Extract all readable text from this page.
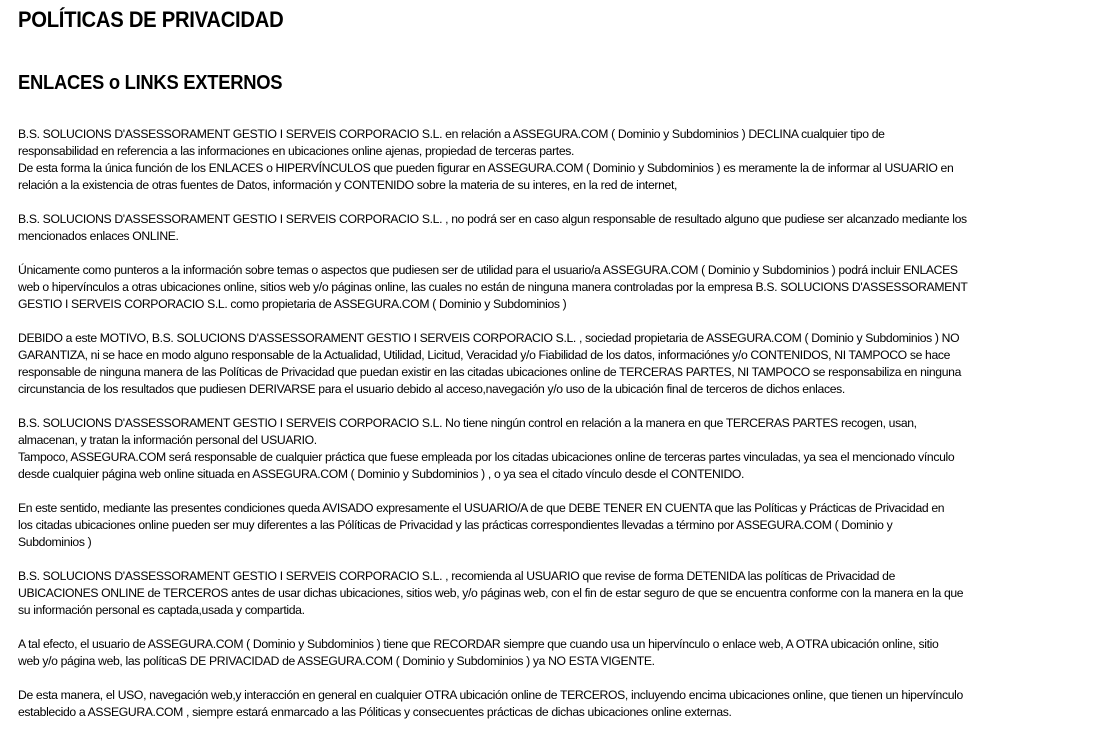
POLÍTICAS DE PRIVACIDAD
ENLACES o LINKS EXTERNOS

B.S. SOLUCIONS D'ASSESSORAMENT GESTIO I SERVEIS CORPORACIO S.L. en relación a ASSEGURA.COM ( Dominio y Subdominios ) DECLINA cualquier tipo de
responsabilidad en referencia a las informaciones en ubicaciones online ajenas, propiedad de terceras partes.
De esta forma la única función de los ENLACES o HIPERVÍNCULOS que pueden figurar en ASSEGURA.COM ( Dominio y Subdominios ) es meramente la de informar al USUARIO en
relación a la existencia de otras fuentes de Datos, información y CONTENIDO sobre la materia de su interes, en la red de internet,

B.S. SOLUCIONS D'ASSESSORAMENT GESTIO I SERVEIS CORPORACIO S.L. , no podrá ser en caso algun responsable de resultado alguno que pudiese ser alcanzado mediante los
mencionados enlaces ONLINE.

Únicamente como punteros a la información sobre temas o aspectos que pudiesen ser de utilidad para el usuario/a ASSEGURA.COM ( Dominio y Subdominios ) podrá incluir ENLACES
web o hipervínculos a otras ubicaciones online, sitios web y/o páginas online, las cuales no están de ninguna manera controladas por la empresa B.S. SOLUCIONS D'ASSESSORAMENT
GESTIO I SERVEIS CORPORACIO S.L. como propietaria de ASSEGURA.COM ( Dominio y Subdominios )

DEBIDO a este MOTIVO, B.S. SOLUCIONS D'ASSESSORAMENT GESTIO I SERVEIS CORPORACIO S.L. , sociedad propietaria de ASSEGURA.COM ( Dominio y Subdominios ) NO
GARANTIZA, ni se hace en modo alguno responsable de la Actualidad, Utilidad, Licitud, Veracidad y/o Fiabilidad de los datos, informaciónes y/o CONTENIDOS, NI TAMPOCO se hace
responsable de ninguna manera de las Políticas de Privacidad que puedan existir en las citadas ubicaciones online de TERCERAS PARTES, NI TAMPOCO se responsabiliza en ninguna
circunstancia de los resultados que pudiesen DERIVARSE para el usuario debido al acceso,navegación y/o uso de la ubicación final de terceros de dichos enlaces.

B.S. SOLUCIONS D'ASSESSORAMENT GESTIO I SERVEIS CORPORACIO S.L. No tiene ningún control en relación a la manera en que TERCERAS PARTES recogen, usan,
almacenan, y tratan la información personal del USUARIO.
Tampoco, ASSEGURA.COM será responsable de cualquier práctica que fuese empleada por los citadas ubicaciones online de terceras partes vinculadas, ya sea el mencionado vínculo
desde cualquier página web online situada en ASSEGURA.COM ( Dominio y Subdominios ) , o ya sea el citado vínculo desde el CONTENIDO.

En este sentido, mediante las presentes condiciones queda AVISADO expresamente el USUARIO/A de que DEBE TENER EN CUENTA que las Políticas y Prácticas de Privacidad en
los citadas ubicaciones online pueden ser muy diferentes a las Pólíticas de Privacidad y las prácticas correspondientes llevadas a término por ASSEGURA.COM ( Dominio y
Subdominios )

B.S. SOLUCIONS D'ASSESSORAMENT GESTIO I SERVEIS CORPORACIO S.L. , recomienda al USUARIO que revise de forma DETENIDA las políticas de Privacidad de
UBICACIONES ONLINE de TERCEROS antes de usar dichas ubicaciones, sitios web, y/o páginas web, con el fin de estar seguro de que se encuentra conforme con la manera en la que
su información personal es captada,usada y compartida.

A tal efecto, el usuario de ASSEGURA.COM ( Dominio y Subdominios ) tiene que RECORDAR siempre que cuando usa un hipervínculo o enlace web, A OTRA ubicación online, sitio
web y/o página web, las políticaS DE PRIVACIDAD de ASSEGURA.COM ( Dominio y Subdominios ) ya NO ESTA VIGENTE.

De esta manera, el USO, navegación web,y interacción en general en cualquier OTRA ubicación online de TERCEROS, incluyendo encima ubicaciones online, que tienen un hipervínculo
establecido a ASSEGURA.COM , siempre estará enmarcado a las Póliticas y consecuentes prácticas de dichas ubicaciones online externas.
